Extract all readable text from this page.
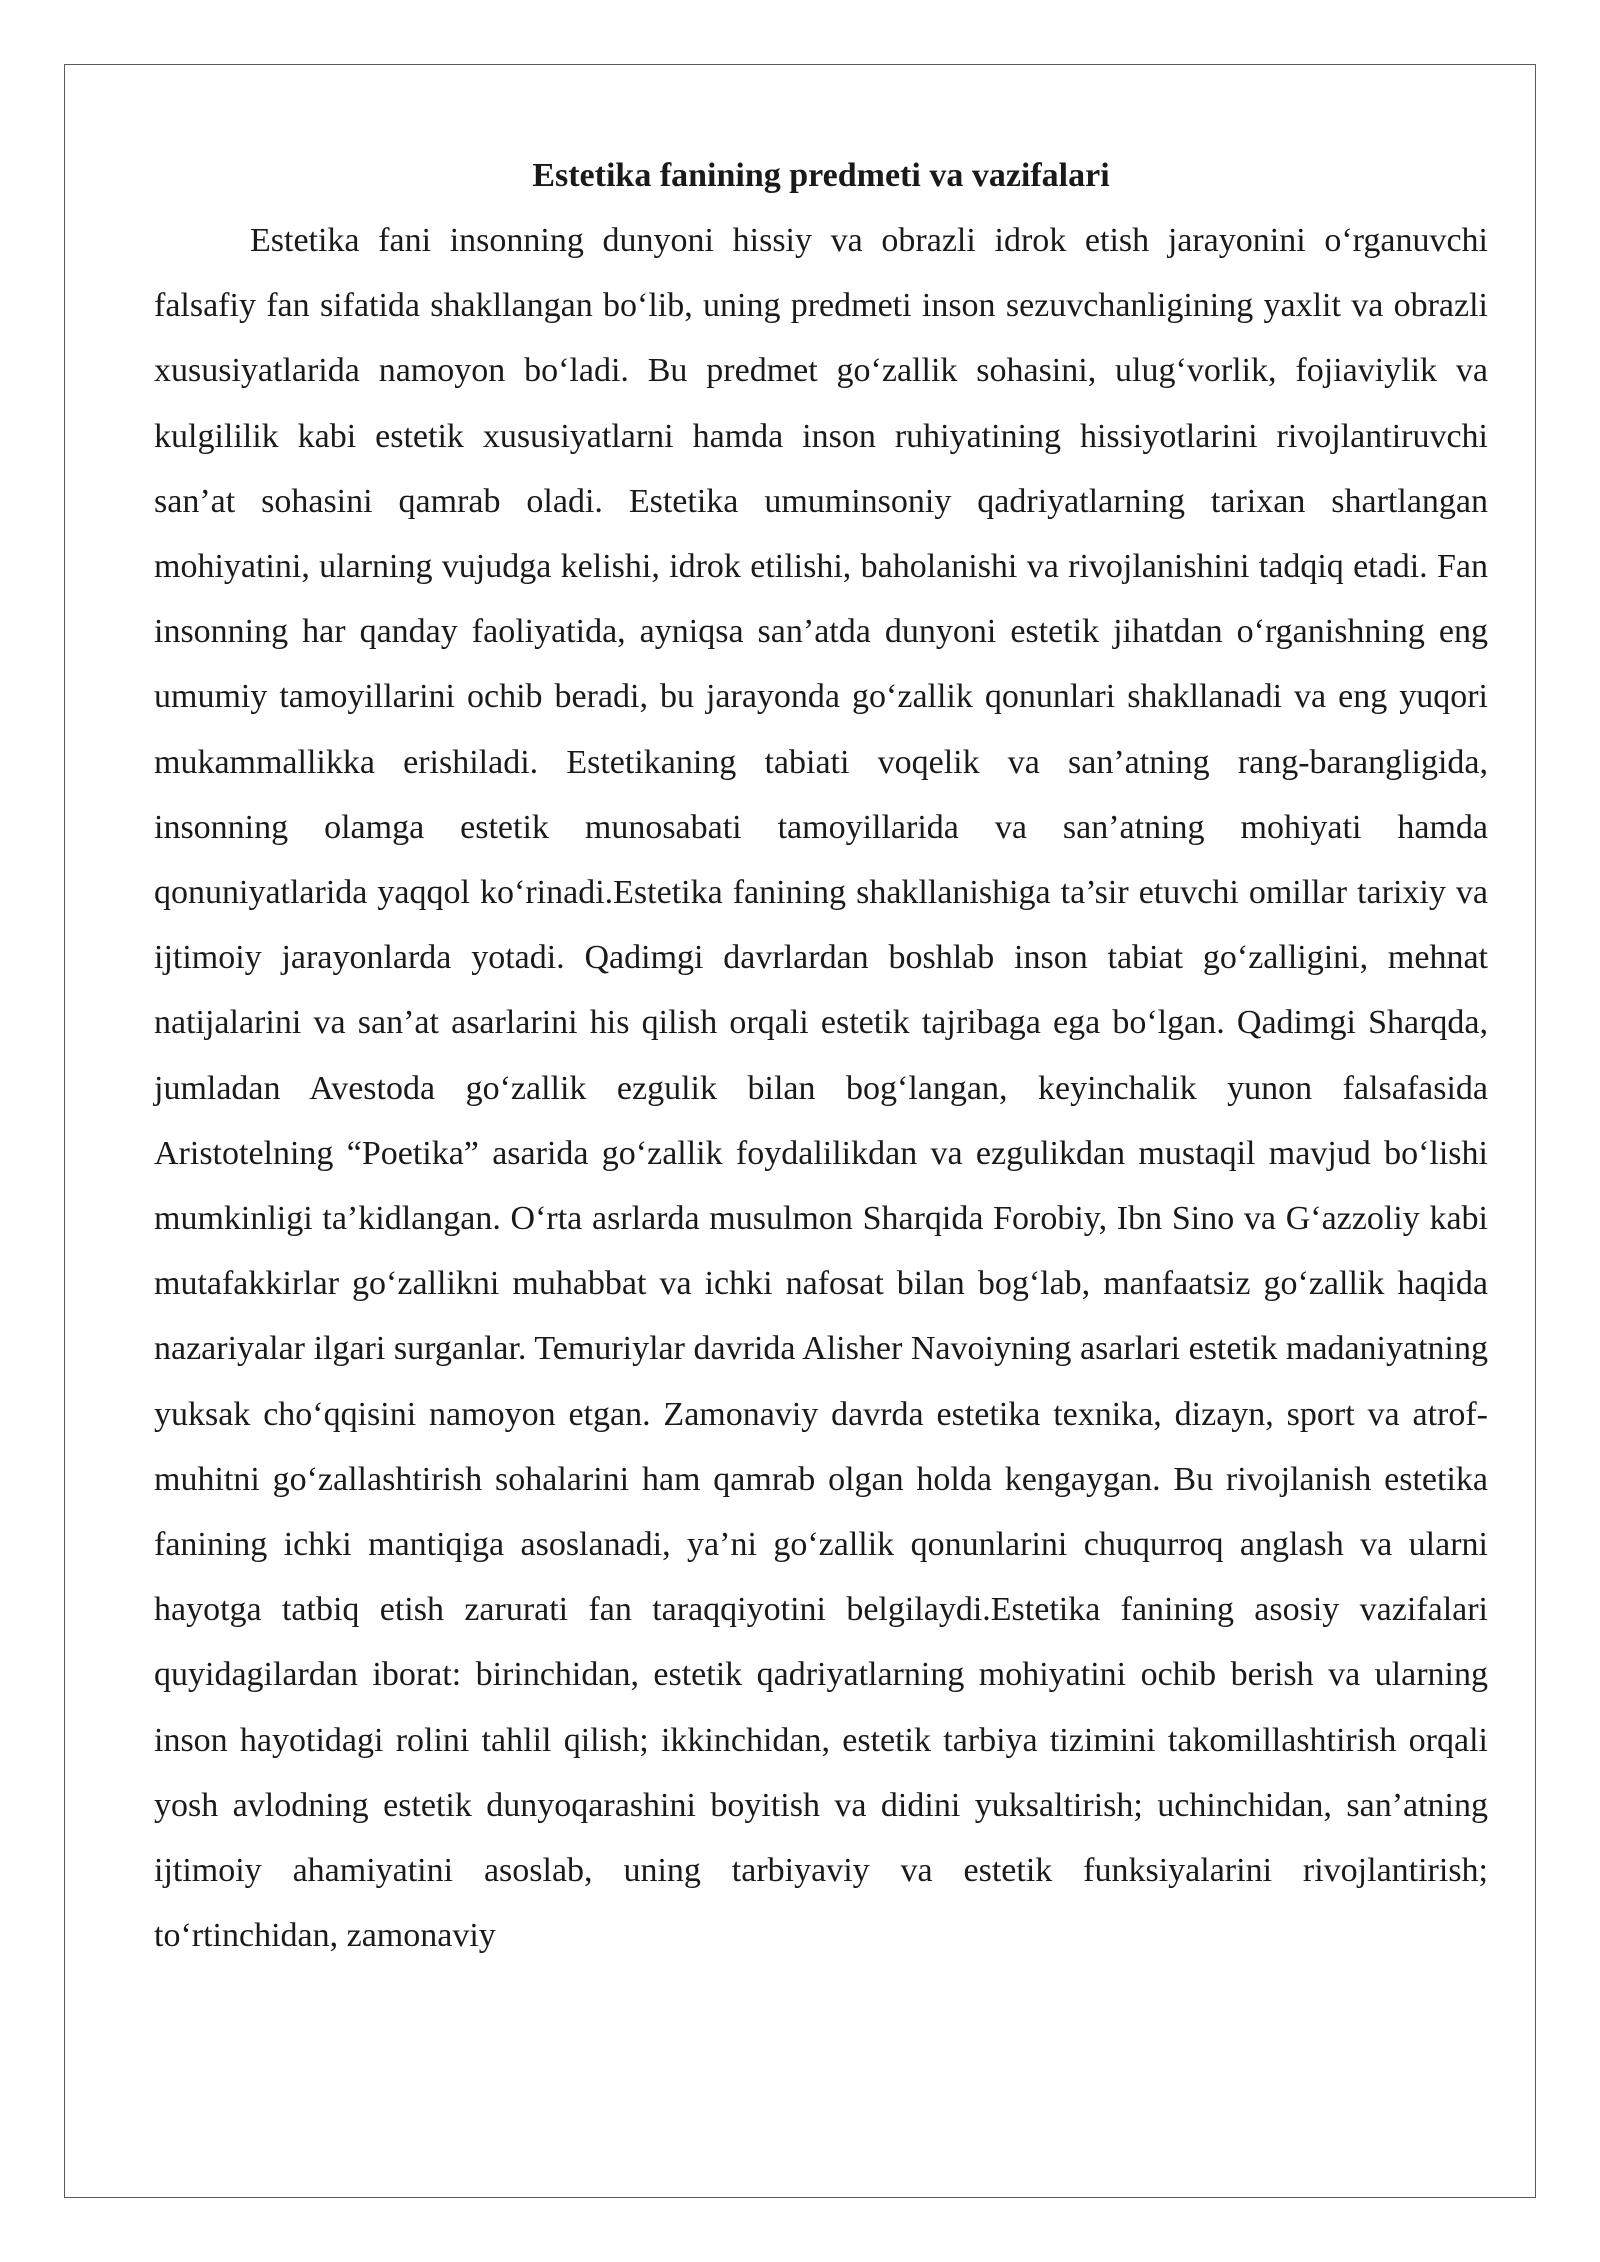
Estetika fanining predmeti va vazifalari

Estetika fani insonning dunyoni hissiy va obrazli idrok etish jarayonini o‘rganuvchi falsafiy fan sifatida shakllangan bo‘lib, uning predmeti inson sezuvchanligining yaxlit va obrazli xususiyatlarida namoyon bo‘ladi. Bu predmet go‘zallik sohasini, ulug‘vorlik, fojiaviylik va kulgililik kabi estetik xususiyatlarni hamda inson ruhiyatining hissiyotlarini rivojlantiruvchi san’at sohasini qamrab oladi. Estetika umuminsoniy qadriyatlarning tarixan shartlangan mohiyatini, ularning vujudga kelishi, idrok etilishi, baholanishi va rivojlanishini tadqiq etadi. Fan insonning har qanday faoliyatida, ayniqsa san’atda dunyoni estetik jihatdan o‘rganishning eng umumiy tamoyillarini ochib beradi, bu jarayonda go‘zallik qonunlari shakllanadi va eng yuqori mukammallikka erishiladi. Estetikaning tabiati voqelik va san’atning rang-barangligida, insonning olamga estetik munosabati tamoyillarida va san’atning mohiyati hamda qonuniyatlarida yaqqol ko‘rinadi.Estetika fanining shakllanishiga ta’sir etuvchi omillar tarixiy va ijtimoiy jarayonlarda yotadi. Qadimgi davrlardan boshlab inson tabiat go‘zalligini, mehnat natijalarini va san’at asarlarini his qilish orqali estetik tajribaga ega bo‘lgan. Qadimgi Sharqda, jumladan Avestoda go‘zallik ezgulik bilan bog‘langan, keyinchalik yunon falsafasida Aristotelning “Poetika” asarida go‘zallik foydalilikdan va ezgulikdan mustaqil mavjud bo‘lishi mumkinligi ta’kidlangan. O‘rta asrlarda musulmon Sharqida Forobiy, Ibn Sino va G‘azzoliy kabi mutafakkirlar go‘zallikni muhabbat va ichki nafosat bilan bog‘lab, manfaatsiz go‘zallik haqida nazariyalar ilgari surganlar. Temuriylar davrida Alisher Navoiyning asarlari estetik madaniyatning yuksak cho‘qqisini namoyon etgan. Zamonaviy davrda estetika texnika, dizayn, sport va atrof-muhitni go‘zallashtirish sohalarini ham qamrab olgan holda kengaygan. Bu rivojlanish estetika fanining ichki mantiqiga asoslanadi, ya’ni go‘zallik qonunlarini chuqurroq anglash va ularni hayotga tatbiq etish zarurati fan taraqqiyotini belgilaydi.Estetika fanining asosiy vazifalari quyidagilardan iborat: birinchidan, estetik qadriyatlarning mohiyatini ochib berish va ularning inson hayotidagi rolini tahlil qilish; ikkinchidan, estetik tarbiya tizimini takomillashtirish orqali yosh avlodning estetik dunyoqarashini boyitish va didini yuksaltirish; uchinchidan, san’atning ijtimoiy ahamiyatini asoslab, uning tarbiyaviy va estetik funksiyalarini rivojlantirish; to‘rtinchidan, zamonaviy
